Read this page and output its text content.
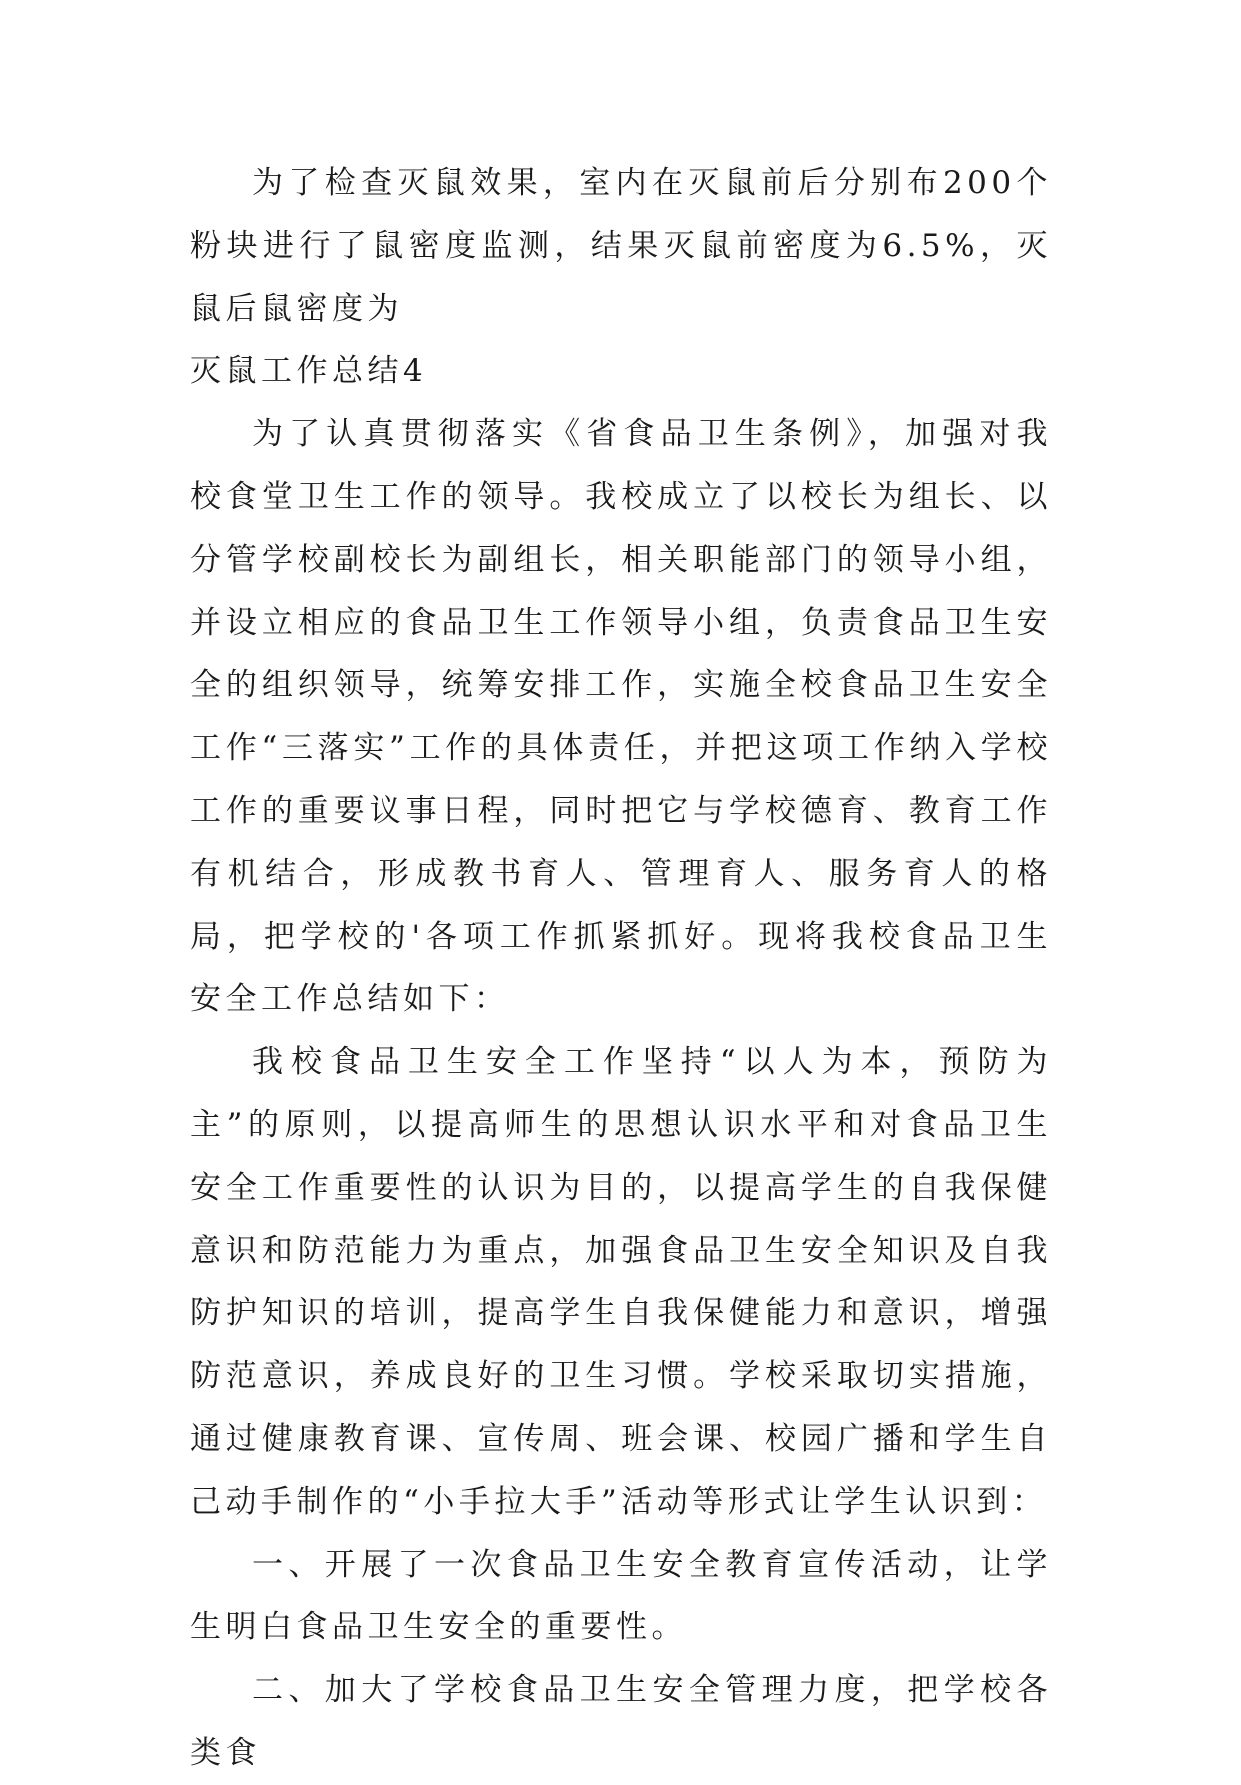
为了检查灭鼠效果，室内在灭鼠前后分别布200个粉块进行了鼠密度监测，结果灭鼠前密度为6.5%，灭鼠后鼠密度为

灭鼠工作总结4

为了认真贯彻落实《省食品卫生条例》，加强对我校食堂卫生工作的领导。我校成立了以校长为组长、以分管学校副校长为副组长，相关职能部门的领导小组，并设立相应的食品卫生工作领导小组，负责食品卫生安全的组织领导，统筹安排工作，实施全校食品卫生安全工作“三落实”工作的具体责任，并把这项工作纳入学校工作的重要议事日程，同时把它与学校德育、教育工作有机结合，形成教书育人、管理育人、服务育人的格局，把学校的'各项工作抓紧抓好。现将我校食品卫生安全工作总结如下：

我校食品卫生安全工作坚持“以人为本，预防为主”的原则，以提高师生的思想认识水平和对食品卫生安全工作重要性的认识为目的，以提高学生的自我保健意识和防范能力为重点，加强食品卫生安全知识及自我防护知识的培训，提高学生自我保健能力和意识，增强防范意识，养成良好的卫生习惯。学校采取切实措施，通过健康教育课、宣传周、班会课、校园广播和学生自己动手制作的“小手拉大手”活动等形式让学生认识到：

一、开展了一次食品卫生安全教育宣传活动，让学生明白食品卫生安全的重要性。

二、加大了学校食品卫生安全管理力度，把学校各类食
